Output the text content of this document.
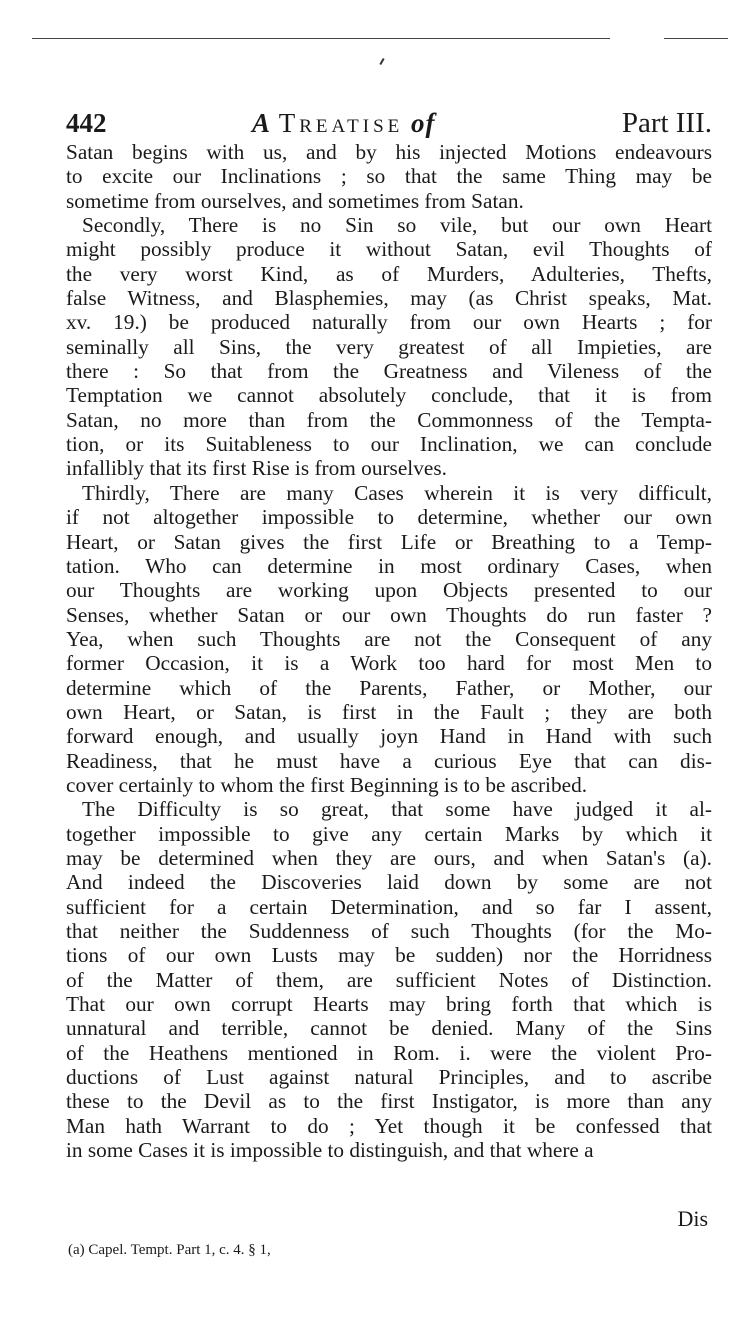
442	A Treatise of	Part III.
Satan begins with us, and by his injected Motions endeavours
to excite our Inclinations ; so that the same Thing may be
sometime from ourselves, and sometimes from Satan.
Secondly, There is no Sin so vile, but our own Heart
might possibly produce it without Satan, evil Thoughts of
the very worst Kind, as of Murders, Adulteries, Thefts,
false Witness, and Blasphemies, may (as Christ speaks, Mat.
xv. 19.) be produced naturally from our own Hearts ; for
seminally all Sins, the very greatest of all Impieties, are
there : So that from the Greatness and Vileness of the
Temptation we cannot absolutely conclude, that it is from
Satan, no more than from the Commonness of the Tempta-
tion, or its Suitableness to our Inclination, we can conclude
infallibly that its first Rise is from ourselves.
Thirdly, There are many Cases wherein it is very difficult,
if not altogether impossible to determine, whether our own
Heart, or Satan gives the first Life or Breathing to a Temp-
tation. Who can determine in most ordinary Cases, when
our Thoughts are working upon Objects presented to our
Senses, whether Satan or our own Thoughts do run faster ?
Yea, when such Thoughts are not the Consequent of any
former Occasion, it is a Work too hard for most Men to
determine which of the Parents, Father, or Mother, our
own Heart, or Satan, is first in the Fault ; they are both
forward enough, and usually joyn Hand in Hand with such
Readiness, that he must have a curious Eye that can dis-
cover certainly to whom the first Beginning is to be ascribed.
The Difficulty is so great, that some have judged it al-
together impossible to give any certain Marks by which it
may be determined when they are ours, and when Satan's (a).
And indeed the Discoveries laid down by some are not
sufficient for a certain Determination, and so far I assent,
that neither the Suddenness of such Thoughts (for the Mo-
tions of our own Lusts may be sudden) nor the Horridness
of the Matter of them, are sufficient Notes of Distinction.
That our own corrupt Hearts may bring forth that which is
unnatural and terrible, cannot be denied. Many of the Sins
of the Heathens mentioned in Rom. i. were the violent Pro-
ductions of Lust against natural Principles, and to ascribe
these to the Devil as to the first Instigator, is more than any
Man hath Warrant to do ; Yet though it be confessed that
in some Cases it is impossible to distinguish, and that where a
Dis
(a) Capel. Tempt. Part 1, c. 4. § 1,
